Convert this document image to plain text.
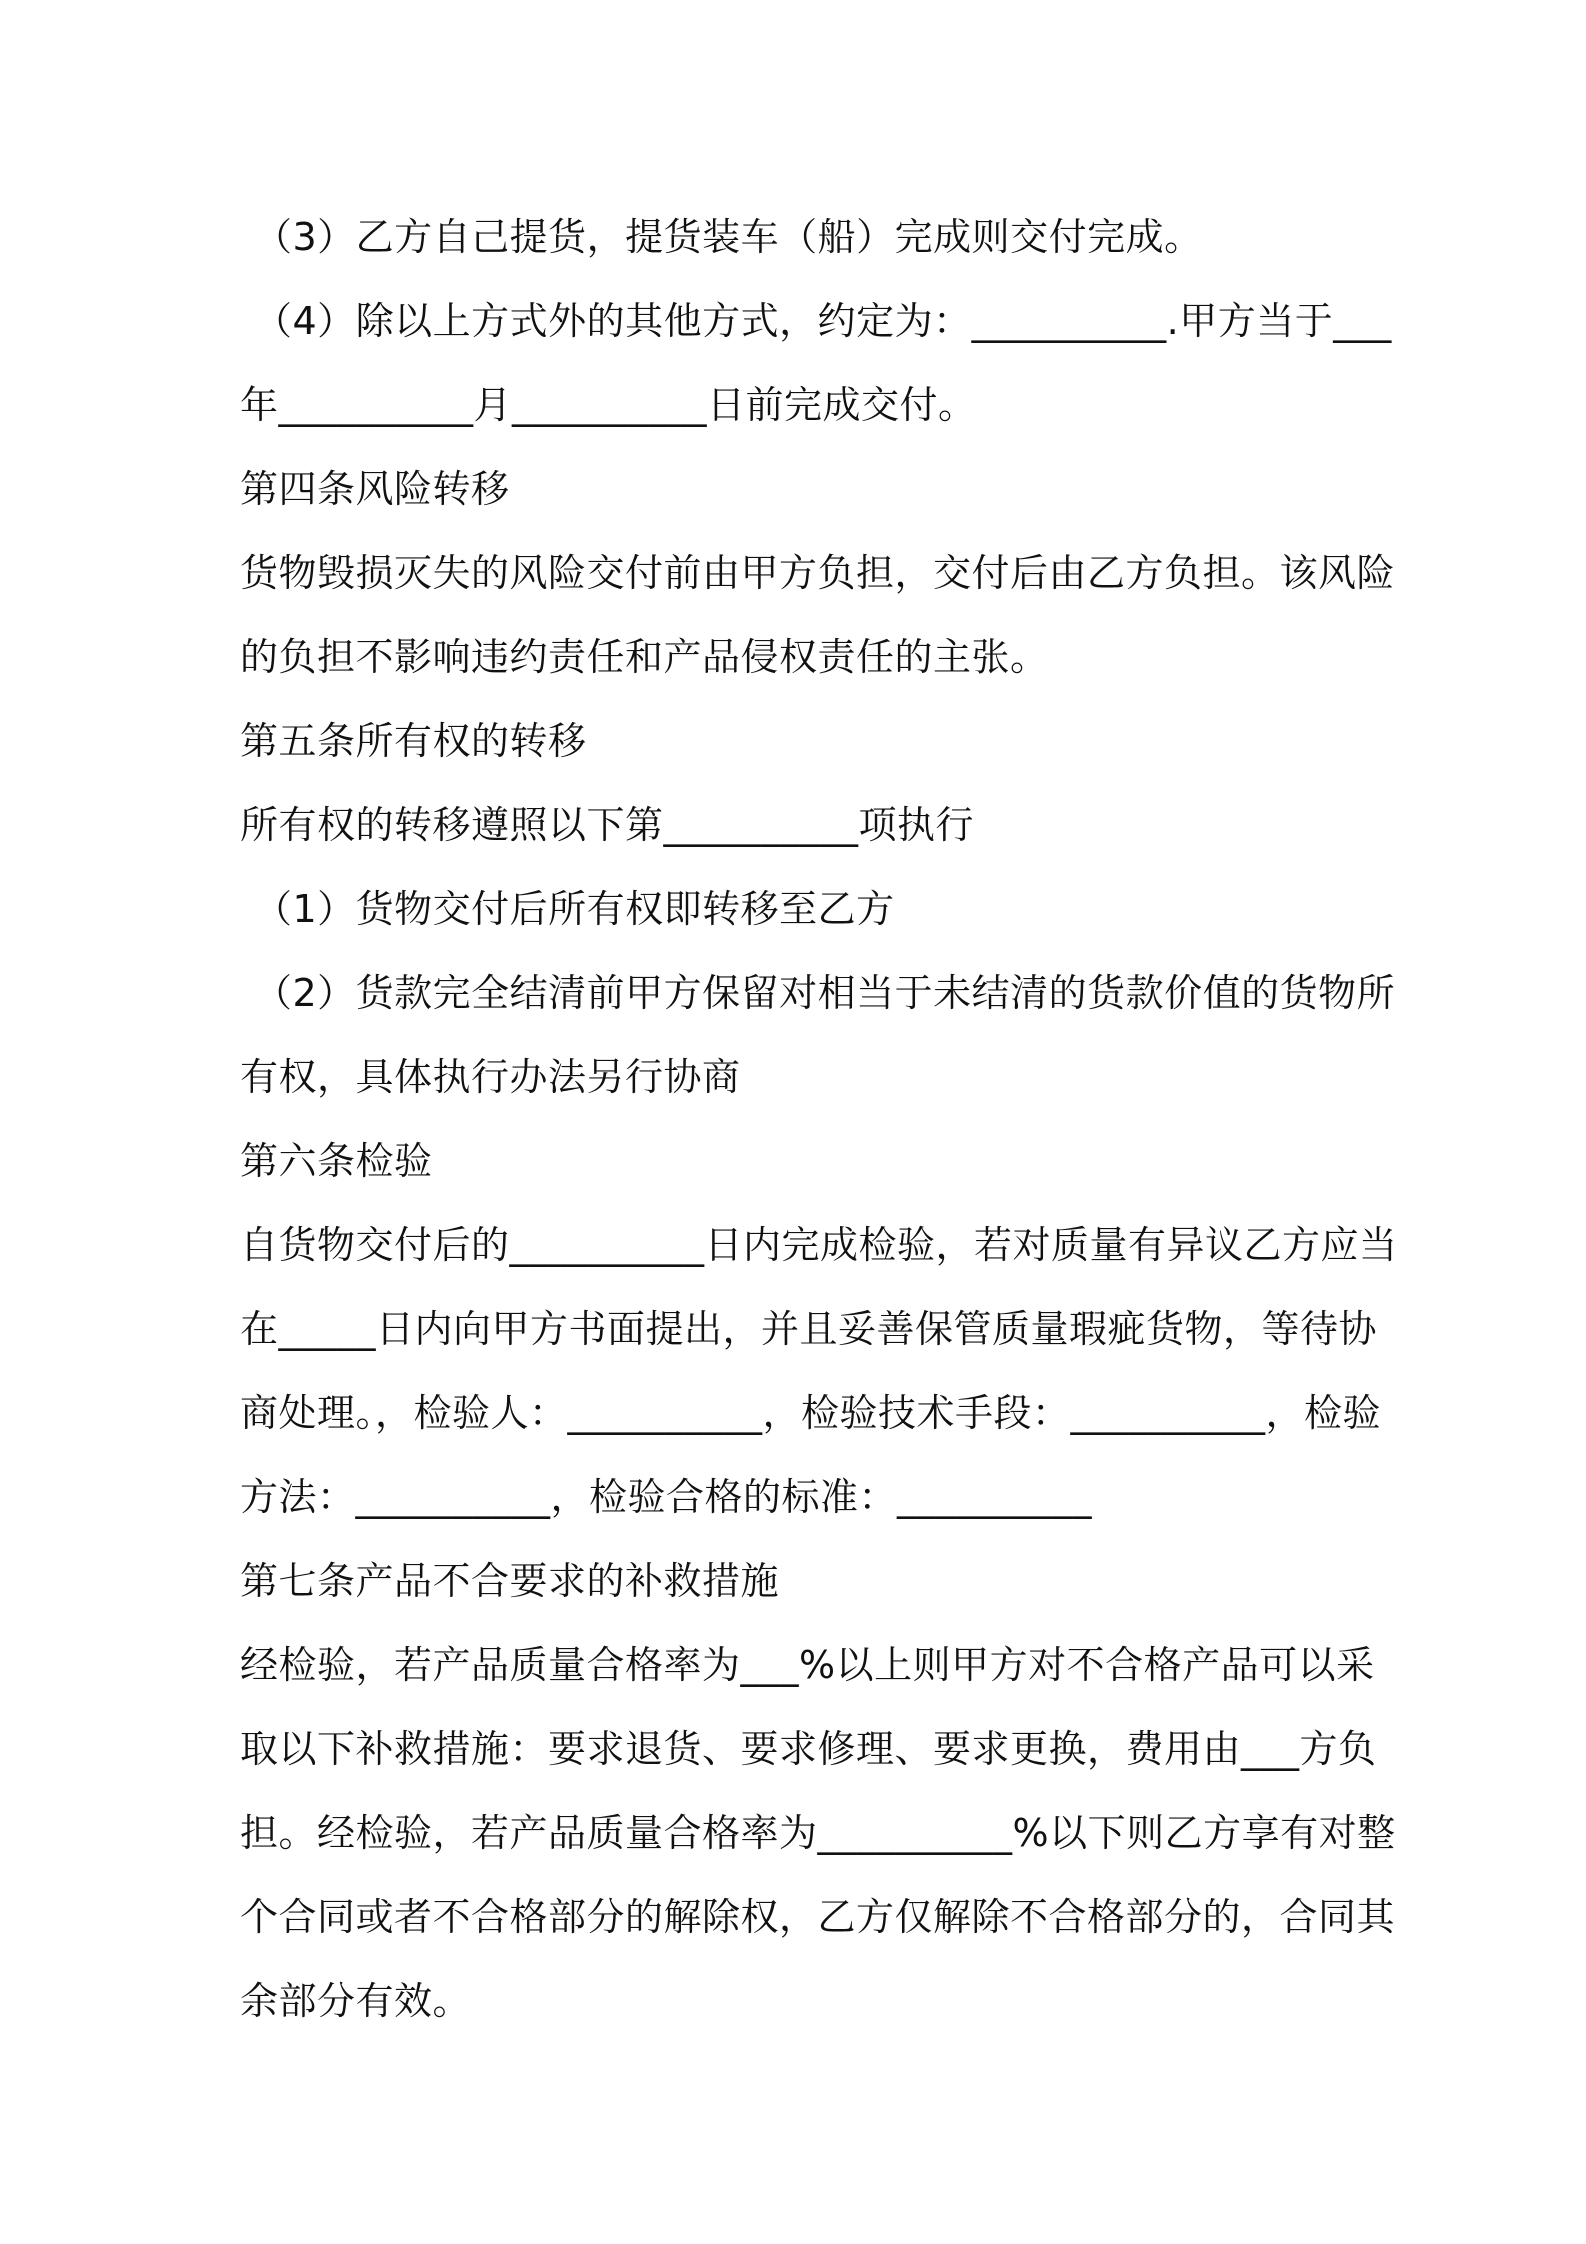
（3）乙方自己提货，提货装车（船）完成则交付完成。
（4）除以上方式外的其他方式，约定为：__________.甲方当于___
年__________月__________日前完成交付。
第四条风险转移
货物毁损灭失的风险交付前由甲方负担，交付后由乙方负担。该风险
的负担不影响违约责任和产品侵权责任的主张。
第五条所有权的转移
所有权的转移遵照以下第__________项执行
（1）货物交付后所有权即转移至乙方
（2）货款完全结清前甲方保留对相当于未结清的货款价值的货物所
有权，具体执行办法另行协商
第六条检验
自货物交付后的__________日内完成检验，若对质量有异议乙方应当
在_____日内向甲方书面提出，并且妥善保管质量瑕疵货物，等待协
商处理。，检验人：__________，检验技术手段：__________，检验
方法：__________，检验合格的标准：__________
第七条产品不合要求的补救措施
经检验，若产品质量合格率为___%以上则甲方对不合格产品可以采
取以下补救措施：要求退货、要求修理、要求更换，费用由___方负
担。经检验，若产品质量合格率为__________%以下则乙方享有对整
个合同或者不合格部分的解除权，乙方仅解除不合格部分的，合同其
余部分有效。
